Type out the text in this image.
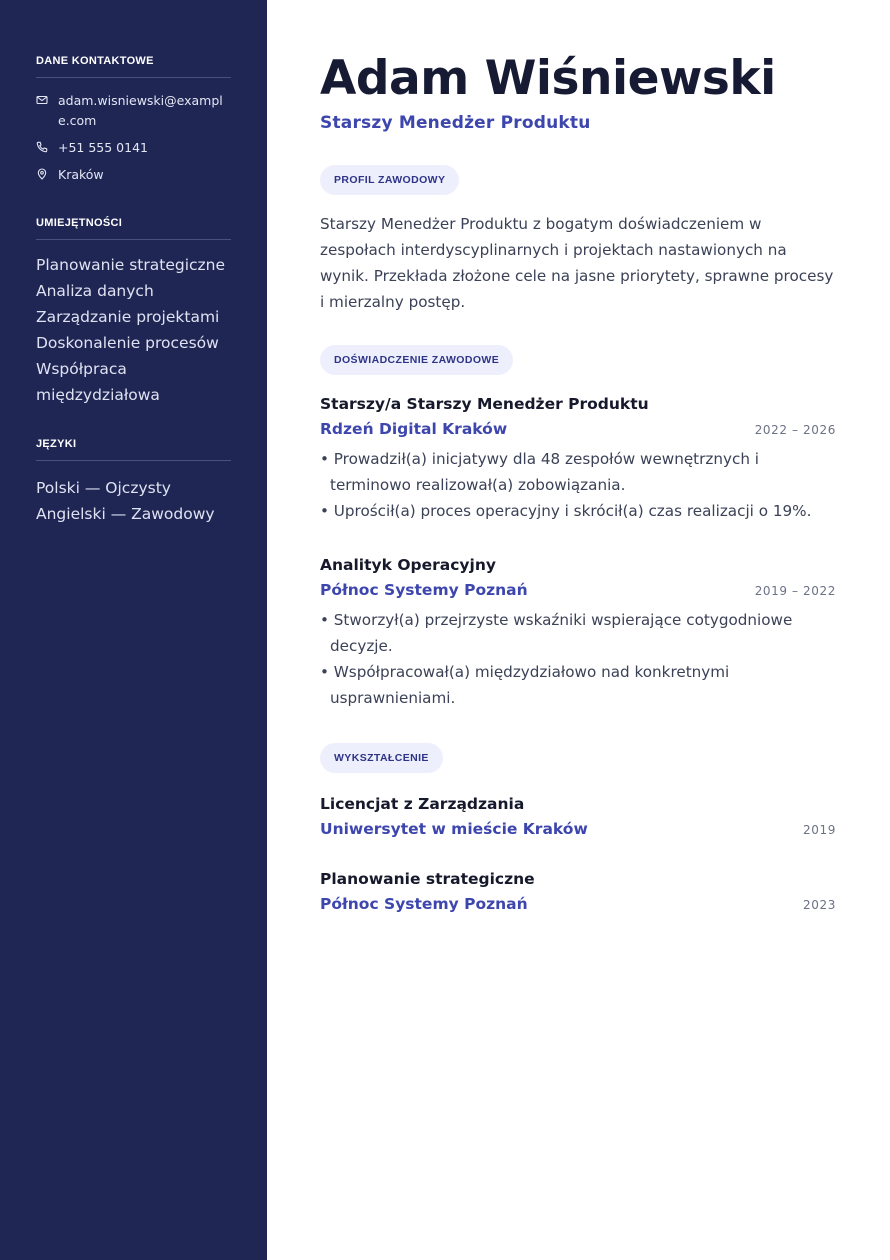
DANE KONTAKTOWE
adam.wisniewski@example.com
+51 555 0141
Kraków
UMIEJĘTNOŚCI
Planowanie strategiczne
Analiza danych
Zarządzanie projektami
Doskonalenie procesów
Współpraca międzydziałowa
JĘZYKI
Polski — Ojczysty
Angielski — Zawodowy
Adam Wiśniewski
Starszy Menedżer Produktu
PROFIL ZAWODOWY

Starszy Menedżer Produktu z bogatym doświadczeniem w zespołach interdyscyplinarnych i projektach nastawionych na wynik. Przekłada złożone cele na jasne priorytety, sprawne procesy i mierzalny postęp.

DOŚWIADCZENIE ZAWODOWE
Starszy/a Starszy Menedżer Produktu
Rdzeń Digital Kraków	2022 – 2026
• Prowadził(a) inicjatywy dla 48 zespołów wewnętrznych i terminowo realizował(a) zobowiązania.
• Uprościł(a) proces operacyjny i skrócił(a) czas realizacji o 19%.
Analityk Operacyjny
Północ Systemy Poznań	2019 – 2022
• Stworzył(a) przejrzyste wskaźniki wspierające cotygodniowe decyzje.
• Współpracował(a) międzydziałowo nad konkretnymi usprawnieniami.
WYKSZTAŁCENIE
Licencjat z Zarządzania
Uniwersytet w mieście Kraków	2019
Planowanie strategiczne
Północ Systemy Poznań	2023
